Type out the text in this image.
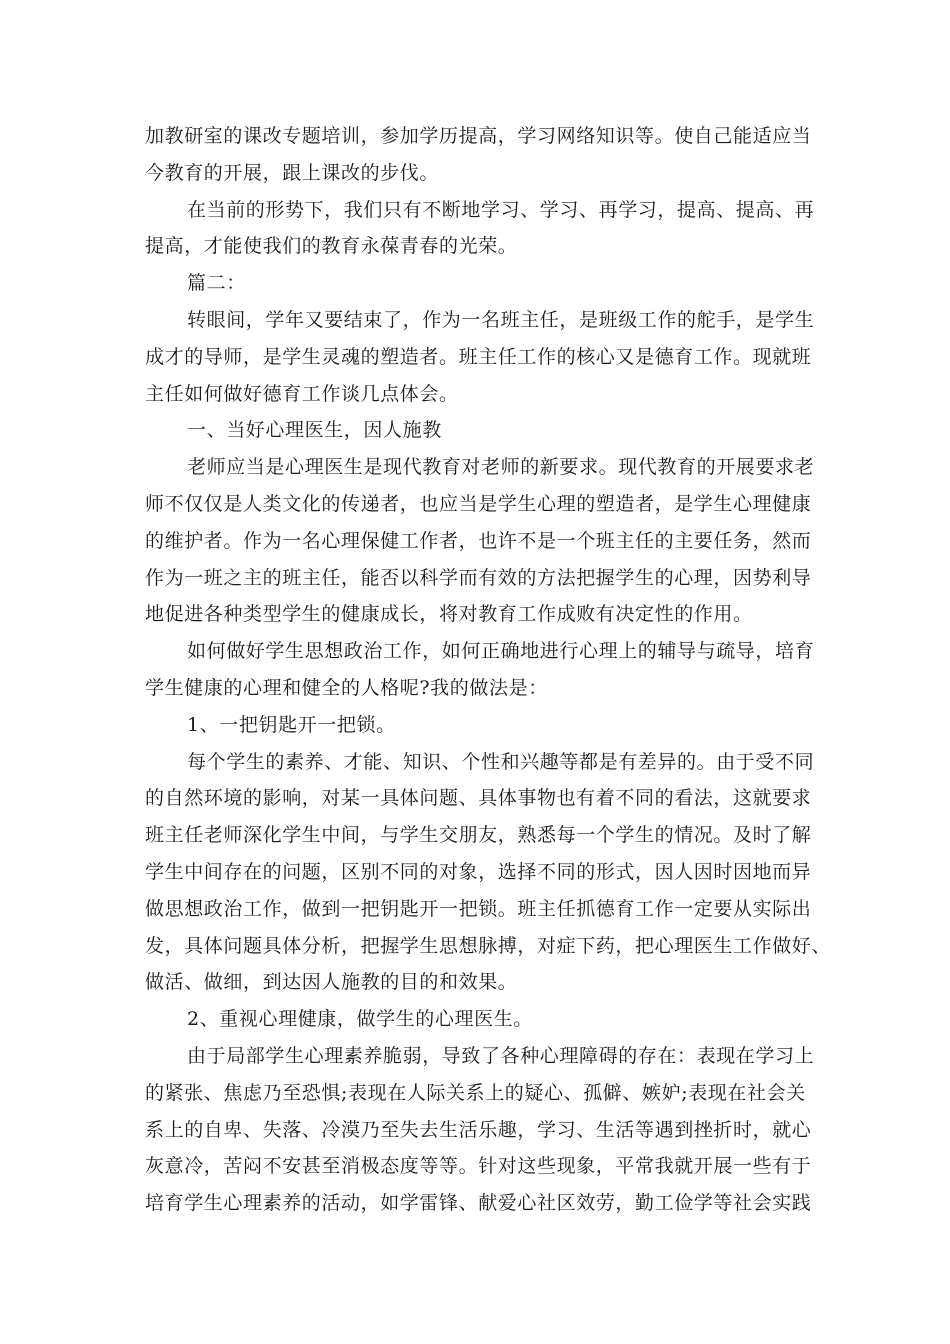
加教研室的课改专题培训，参加学历提高，学习网络知识等。使自己能适应当
今教育的开展，跟上课改的步伐。
在当前的形势下，我们只有不断地学习、学习、再学习，提高、提高、再
提高，才能使我们的教育永葆青春的光荣。
篇二：
转眼间，学年又要结束了，作为一名班主任，是班级工作的舵手，是学生
成才的导师，是学生灵魂的塑造者。班主任工作的核心又是德育工作。现就班
主任如何做好德育工作谈几点体会。
一、当好心理医生，因人施教
老师应当是心理医生是现代教育对老师的新要求。现代教育的开展要求老
师不仅仅是人类文化的传递者，也应当是学生心理的塑造者，是学生心理健康
的维护者。作为一名心理保健工作者，也许不是一个班主任的主要任务，然而
作为一班之主的班主任，能否以科学而有效的方法把握学生的心理，因势利导
地促进各种类型学生的健康成长，将对教育工作成败有决定性的作用。
如何做好学生思想政治工作，如何正确地进行心理上的辅导与疏导，培育
学生健康的心理和健全的人格呢?我的做法是：
1、一把钥匙开一把锁。
每个学生的素养、才能、知识、个性和兴趣等都是有差异的。由于受不同
的自然环境的影响，对某一具体问题、具体事物也有着不同的看法，这就要求
班主任老师深化学生中间，与学生交朋友，熟悉每一个学生的情况。及时了解
学生中间存在的问题，区别不同的对象，选择不同的形式，因人因时因地而异
做思想政治工作，做到一把钥匙开一把锁。班主任抓德育工作一定要从实际出
发，具体问题具体分析，把握学生思想脉搏，对症下药，把心理医生工作做好、
做活、做细，到达因人施教的目的和效果。
2、重视心理健康，做学生的心理医生。
由于局部学生心理素养脆弱，导致了各种心理障碍的存在：表现在学习上
的紧张、焦虑乃至恐惧;表现在人际关系上的疑心、孤僻、嫉妒;表现在社会关
系上的自卑、失落、冷漠乃至失去生活乐趣，学习、生活等遇到挫折时，就心
灰意冷，苦闷不安甚至消极态度等等。针对这些现象，平常我就开展一些有于
培育学生心理素养的活动，如学雷锋、献爱心社区效劳，勤工俭学等社会实践
